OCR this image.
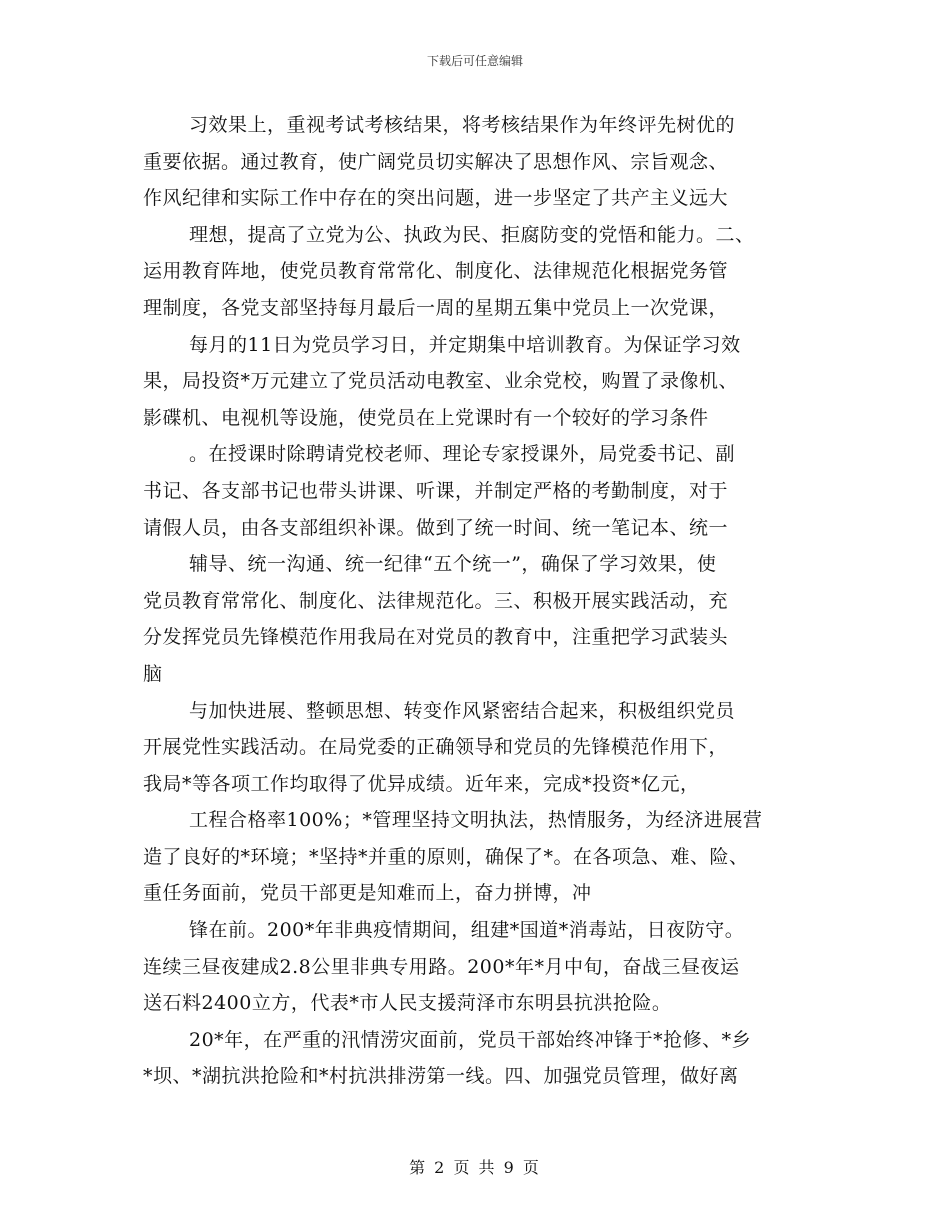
下载后可任意编辑
习效果上，重视考试考核结果，将考核结果作为年终评先树优的
重要依据。通过教育，使广阔党员切实解决了思想作风、宗旨观念、
作风纪律和实际工作中存在的突出问题，进一步坚定了共产主义远大
理想，提高了立党为公、执政为民、拒腐防变的党悟和能力。二、
运用教育阵地，使党员教育常常化、制度化、法律规范化根据党务管
理制度，各党支部坚持每月最后一周的星期五集中党员上一次党课，
每月的11日为党员学习日，并定期集中培训教育。为保证学习效
果，局投资*万元建立了党员活动电教室、业余党校，购置了录像机、
影碟机、电视机等设施，使党员在上党课时有一个较好的学习条件
。在授课时除聘请党校老师、理论专家授课外，局党委书记、副
书记、各支部书记也带头讲课、听课，并制定严格的考勤制度，对于
请假人员，由各支部组织补课。做到了统一时间、统一笔记本、统一
辅导、统一沟通、统一纪律“五个统一”，确保了学习效果，使
党员教育常常化、制度化、法律规范化。三、积极开展实践活动，充
分发挥党员先锋模范作用我局在对党员的教育中，注重把学习武装头
脑
与加快进展、整顿思想、转变作风紧密结合起来，积极组织党员
开展党性实践活动。在局党委的正确领导和党员的先锋模范作用下，
我局*等各项工作均取得了优异成绩。近年来，完成*投资*亿元，
工程合格率100%；*管理坚持文明执法，热情服务，为经济进展营
造了良好的*环境；*坚持*并重的原则，确保了*。在各项急、难、险、
重任务面前，党员干部更是知难而上，奋力拼博，冲
锋在前。200*年非典疫情期间，组建*国道*消毒站，日夜防守。
连续三昼夜建成2.8公里非典专用路。200*年*月中旬，奋战三昼夜运
送石料2400立方，代表*市人民支援菏泽市东明县抗洪抢险。
20*年，在严重的汛情涝灾面前，党员干部始终冲锋于*抢修、*乡
*坝、*湖抗洪抢险和*村抗洪排涝第一线。四、加强党员管理，做好离
第 2 页 共 9 页
